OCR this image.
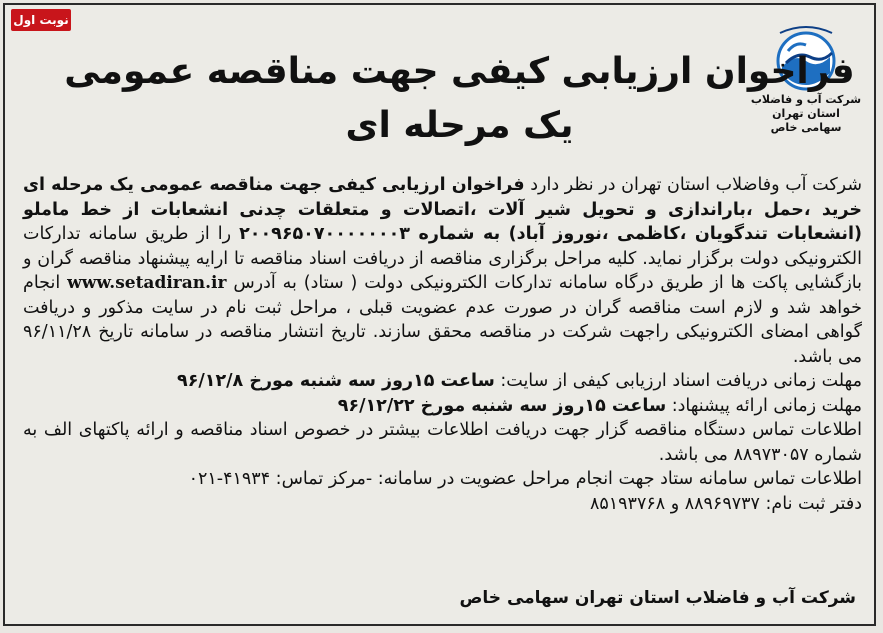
نوبت اول
شرکت آب و فاضلاب
استان تهران
سهامی خاص
فراخوان ارزیابی کیفی جهت مناقصه عمومی
یک مرحله ای

شرکت آب وفاضلاب استان تهران در نظر دارد فراخوان ارزیابی کیفی جهت مناقصه عمومی یک مرحله ای خرید ،حمل ،باراندازی و تحویل شیر آلات ،اتصالات و متعلقات چدنی انشعابات از خط ماملو (انشعابات تندگویان ،کاظمی ،نوروز آباد) به شماره ۲۰۰۹۶۵۰۷۰۰۰۰۰۰۰۳ را از طریق سامانه تدارکات الکترونیکی دولت برگزار نماید. کلیه مراحل برگزاری مناقصه از دریافت اسناد مناقصه تا ارایه پیشنهاد مناقصه گران و بازگشایی پاکت ها از طریق درگاه سامانه تدارکات الکترونیکی دولت ( ستاد) به آدرس www.setadiran.ir انجام خواهد شد و لازم است مناقصه گران در صورت عدم عضویت قبلی ، مراحل ثبت نام در سایت مذکور و دریافت گواهی امضای الکترونیکی راجهت شرکت در مناقصه محقق سازند. تاریخ انتشار مناقصه در سامانه تاریخ ۹۶/۱۱/۲۸ می باشد.

مهلت زمانی دریافت اسناد ارزیابی کیفی از سایت: ساعت ۱۵روز سه شنبه مورخ ۹۶/۱۲/۸

مهلت زمانی ارائه پیشنهاد: ساعت ۱۵روز سه شنبه مورخ ۹۶/۱۲/۲۲

اطلاعات تماس دستگاه مناقصه گزار جهت دریافت اطلاعات بیشتر در خصوص اسناد مناقصه و ارائه پاکتهای الف به شماره ۸۸۹۷۳۰۵۷ می باشد.

اطلاعات تماس سامانه ستاد جهت انجام مراحل عضویت در سامانه: -مرکز تماس: ۴۱۹۳۴-۰۲۱

دفتر ثبت نام: ۸۸۹۶۹۷۳۷ و ۸۵۱۹۳۷۶۸

شرکت آب و فاضلاب استان تهران سهامی خاص
